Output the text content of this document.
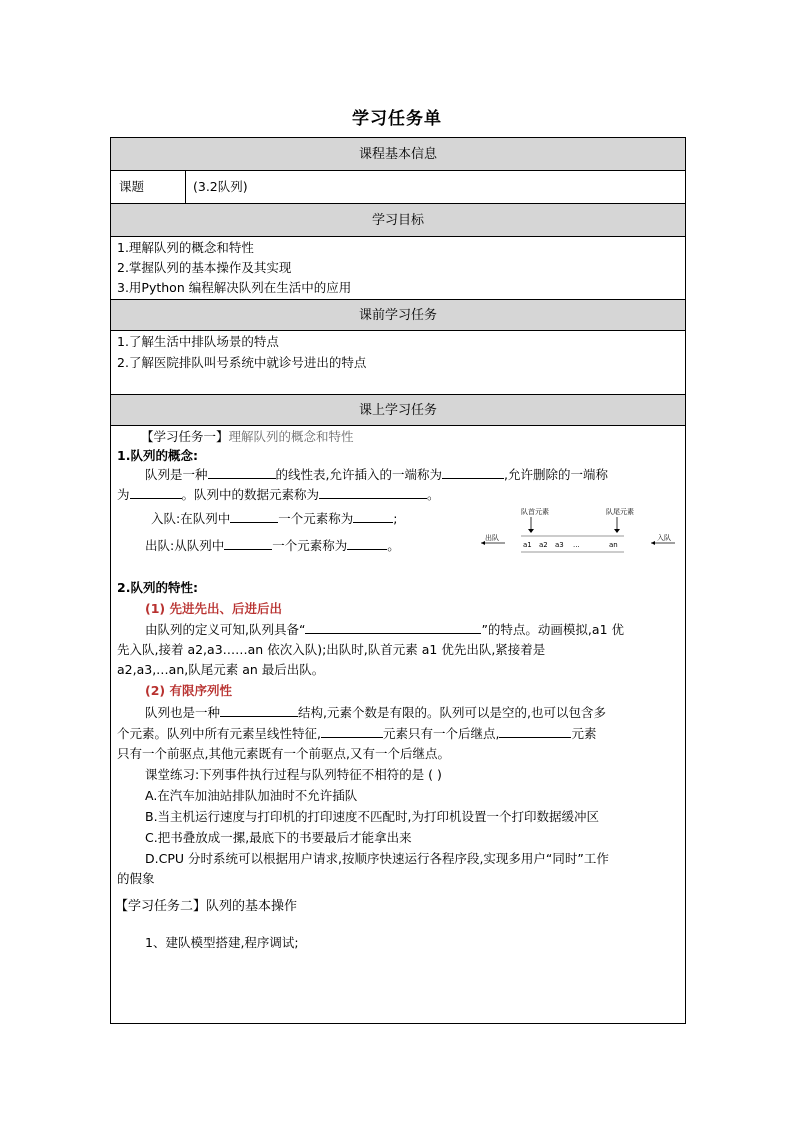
学习任务单
课程基本信息
课题	(3.2队列)
学习目标
1.理解队列的概念和特性
2.掌握队列的基本操作及其实现
3.用Python 编程解决队列在生活中的应用
课前学习任务
1.了解生活中排队场景的特点
2.了解医院排队叫号系统中就诊号进出的特点
课上学习任务
【学习任务一】理解队列的概念和特性
1.队列的概念:
队列是一种	的线性表,允许插入的一端称为	,允许删除的一端称
为	。队列中的数据元素称为	。
入队:在队列中	一个元素称为	;
出队:从队列中	一个元素称为	。
队首元素	队尾元素
a1 a2 a3 ...	an
出队	入队
2.队列的特性:
(1) 先进先出、后进后出
由队列的定义可知,队列具备“	”的特点。动画模拟,a1 优
先入队,接着 a2,a3……an 依次入队);出队时,队首元素 a1 优先出队,紧接着是
a2,a3,…an,队尾元素 an 最后出队。
(2) 有限序列性
队列也是一种	结构,元素个数是有限的。队列可以是空的,也可以包含多
个元素。队列中所有元素呈线性特征,	元素只有一个后继点,	元素
只有一个前驱点,其他元素既有一个前驱点,又有一个后继点。
课堂练习:下列事件执行过程与队列特征不相符的是 ( )
A.在汽车加油站排队加油时不允许插队
B.当主机运行速度与打印机的打印速度不匹配时,为打印机设置一个打印数据缓冲区
C.把书叠放成一摞,最底下的书要最后才能拿出来
D.CPU 分时系统可以根据用户请求,按顺序快速运行各程序段,实现多用户“同时”工作
的假象
【学习任务二】队列的基本操作
1、建队模型搭建,程序调试;
